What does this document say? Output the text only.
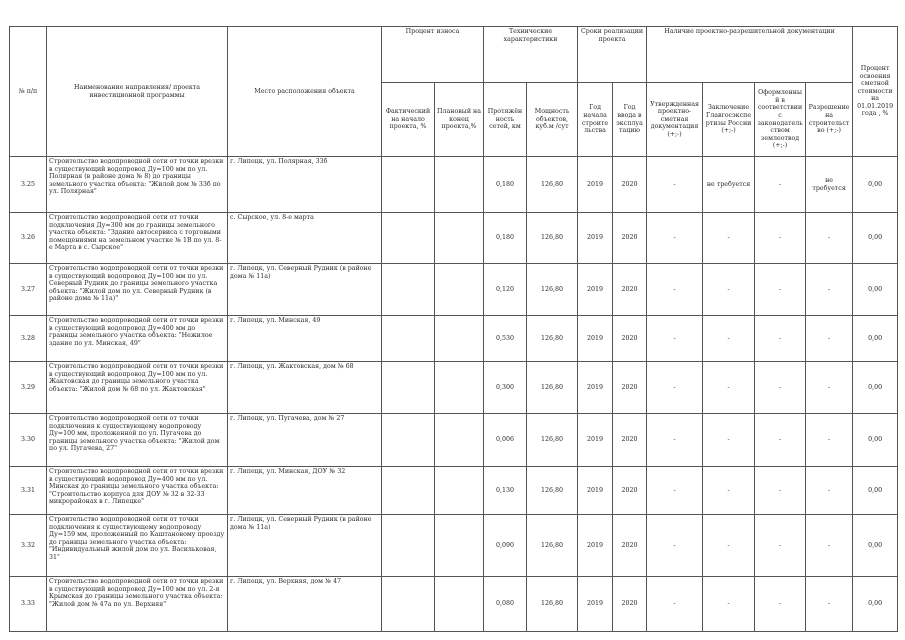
№ п/п	Наименование направления/ проекта инвестиционной программы	Место расположения объекта	Процент износа		Технические характеристики		Сроки реализации проекта		Наличие проектно-разрешительной документации				Процент освоения сметной стоимости на 01.01.2019 года , %
			Фактический на начало проекта, %	Плановый на конец проекта,%	Протяжённость сетей, км	Мощность объектов, куб.м /сут	Год начала строительства	Год ввода в эксплуатацию	Утвержденная проектно-сметная документация (+;-)	Заключение Главгосэкспертизы России (+;-)	Оформленный в соответствии с законодательством землеотвод (+;-)	Разрешение на строительство (+;-)	
3.25	Строительство водопроводной сети от точки врезки в существующий водопровод Ду=100 мм по ул. Полярная (в районе дома № 8) до границы земельного участка объекта: "Жилой дом № 33б по ул. Полярная"	г. Липецк, ул. Полярная, 33б			0,180	126,80	2019	2020	-	не требуется	-	не требуется	0,00
3.26	Строительство водопроводной сети от точки подключения Ду=300 мм до границы земельного участка объекта: "Здание автосервиса с торговыми помещениями на земельном участке № 1В по ул. 8-е Марта в с. Сырское"	с. Сырское, ул. 8-е марта			0,180	126,80	2019	2020	-	-	-	-	0,00
3.27	Строительство водопроводной сети от точки врезки в существующий водопровод Ду=100 мм по ул. Северный Рудник до границы земельного участка объекта: "Жилой дом по ул. Северный Рудник (в районе дома № 11а)"	г. Липецк, ул. Северный Рудник (в районе дома № 11а)			0,120	126,80	2019	2020	-	-	-	-	0,00
3.28	Строительство водопроводной сети от точки врезки в существующий водопровод Ду=400 мм до границы земельного участка объекта: "Нежилое здание по ул. Минская, 49"	г. Липецк, ул. Минская, 49			0,530	126,80	2019	2020	-	-	-	-	0,00
3.29	Строительство водопроводной сети от точки врезки в существующий водопровод Ду=100 мм по ул. Жактовская до границы земельного участка объекта: "Жилой дом № 68 по ул. Жактовская"	г. Липецк, ул. Жактовская, дом № 68			0,300	126,80	2019	2020	-	-	-	-	0,00
3.30	Строительство водопроводной сети от точки подключения к существующему водопроводу Ду=100 мм, проложенной по ул. Пугачева до границы земельного участка объекта: "Жилой дом по ул. Пугачева, 27"	г. Липецк, ул. Пугачева, дом № 27			0,006	126,80	2019	2020	-	-	-	-	0,00
3.31	Строительство водопроводной сети от точки врезки в существующий водопровод Ду=400 мм по ул. Минская до границы земельного участка объекта: "Строительство корпуса для ДОУ № 32 в 32-33 микрорайонах в г. Липецке"	г. Липецк, ул. Минская, ДОУ № 32			0,130	126,80	2019	2020	-	-	-	-	0,00
3.32	Строительство водопроводной сети от точки подключения к существующему водопроводу Ду=159 мм, проложенный по Каштановому проезду до границы земельного участка объекта: "Индивидуальный жилой дом по ул. Васильковая, 31"	г. Липецк, ул. Северный Рудник (в районе дома № 11а)			0,090	126,80	2019	2020	-	-	-	-	0,00
3.33	Строительство водопроводной сети от точки врезки в существующий водопровод Ду=100 мм по ул. 2-я Крымская до границы земельного участка объекта: "Жилой дом № 47а по ул. Верхняя"	г. Липецк, ул. Верхняя, дом № 47			0,080	126,80	2019	2020	-	-	-	-	0,00
